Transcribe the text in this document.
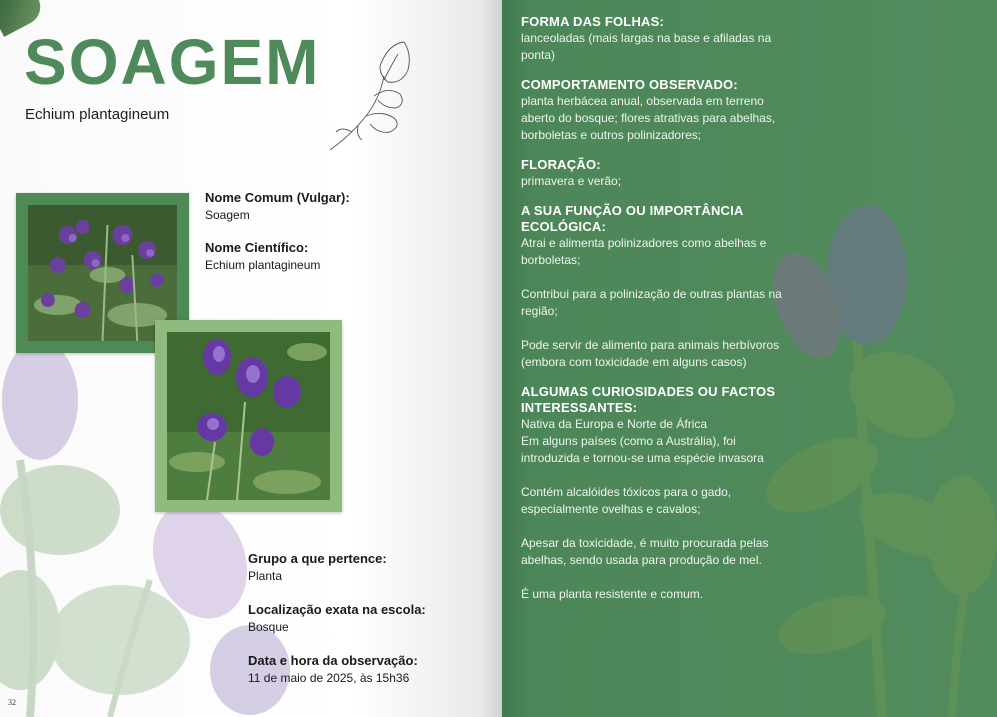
SOAGEM
Echium plantagineum
Nome Comum (Vulgar):
Soagem
Nome Científico:
Echium plantagineum
Grupo a que pertence:
Planta
Localização exata na escola:
Bosque
Data e hora da observação:
11 de maio de 2025, às 15h36
32
FORMA DAS FOLHAS:

lanceoladas (mais largas na base e afiladas na ponta)

COMPORTAMENTO OBSERVADO:

planta herbácea anual, observada em terreno aberto do bosque; flores atrativas para abelhas, borboletas e outros polinizadores;

FLORAÇÃO:

primavera e verão;

A SUA FUNÇÃO OU IMPORTÂNCIA ECOLÓGICA:

Atrai e alimenta polinizadores como abelhas e borboletas;

Contribui para a polinização de outras plantas na região;

Pode servir de alimento para animais herbívoros (embora com toxicidade em alguns casos)

ALGUMAS CURIOSIDADES OU FACTOS INTERESSANTES:

Nativa da Europa e Norte de África

Em alguns países (como a Austrália), foi introduzida e tornou-se uma espécie invasora

Contém alcalóides tóxicos para o gado, especialmente ovelhas e cavalos;

Apesar da toxicidade, é muito procurada pelas abelhas, sendo usada para produção de mel.

É uma planta resistente e comum.
